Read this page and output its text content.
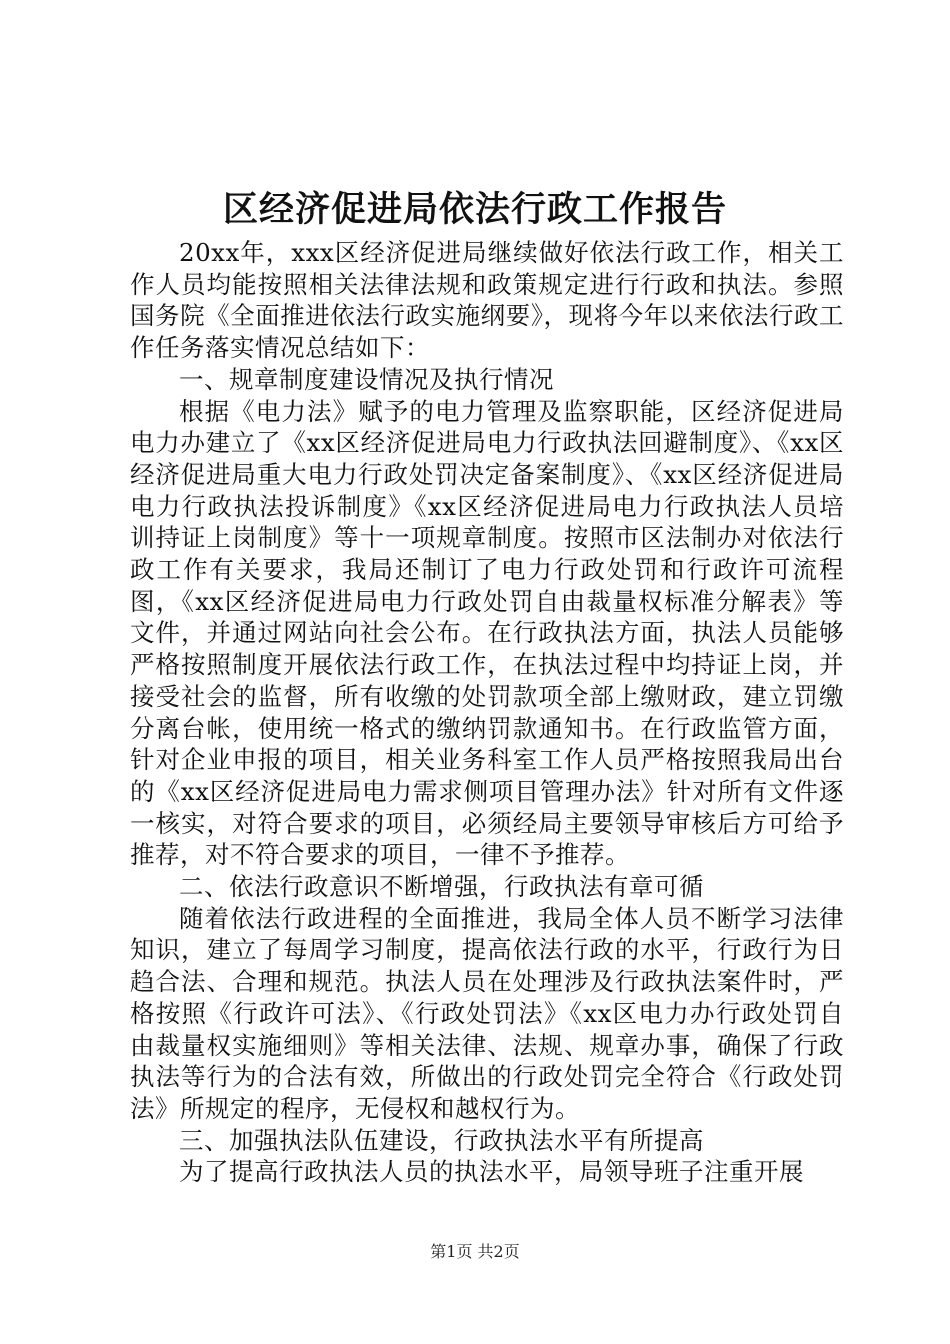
区经济促进局依法行政工作报告

20xx年，xxx区经济促进局继续做好依法行政工作，相关工作人员均能按照相关法律法规和政策规定进行行政和执法。参照国务院《全面推进依法行政实施纲要》，现将今年以来依法行政工作任务落实情况总结如下：

一、规章制度建设情况及执行情况

根据《电力法》赋予的电力管理及监察职能，区经济促进局电力办建立了《xx区经济促进局电力行政执法回避制度》、《xx区经济促进局重大电力行政处罚决定备案制度》、《xx区经济促进局电力行政执法投诉制度》《xx区经济促进局电力行政执法人员培训持证上岗制度》等十一项规章制度。按照市区法制办对依法行政工作有关要求，我局还制订了电力行政处罚和行政许可流程图，《xx区经济促进局电力行政处罚自由裁量权标准分解表》等文件，并通过网站向社会公布。在行政执法方面，执法人员能够严格按照制度开展依法行政工作，在执法过程中均持证上岗，并接受社会的监督，所有收缴的处罚款项全部上缴财政，建立罚缴分离台帐，使用统一格式的缴纳罚款通知书。在行政监管方面，针对企业申报的项目，相关业务科室工作人员严格按照我局出台的《xx区经济促进局电力需求侧项目管理办法》针对所有文件逐一核实，对符合要求的项目，必须经局主要领导审核后方可给予推荐，对不符合要求的项目，一律不予推荐。

二、依法行政意识不断增强，行政执法有章可循

随着依法行政进程的全面推进，我局全体人员不断学习法律知识，建立了每周学习制度，提高依法行政的水平，行政行为日趋合法、合理和规范。执法人员在处理涉及行政执法案件时，严格按照《行政许可法》、《行政处罚法》《xx区电力办行政处罚自由裁量权实施细则》等相关法律、法规、规章办事，确保了行政执法等行为的合法有效，所做出的行政处罚完全符合《行政处罚法》所规定的程序，无侵权和越权行为。

三、加强执法队伍建设，行政执法水平有所提高

为了提高行政执法人员的执法水平，局领导班子注重开展

第1页 共2页
